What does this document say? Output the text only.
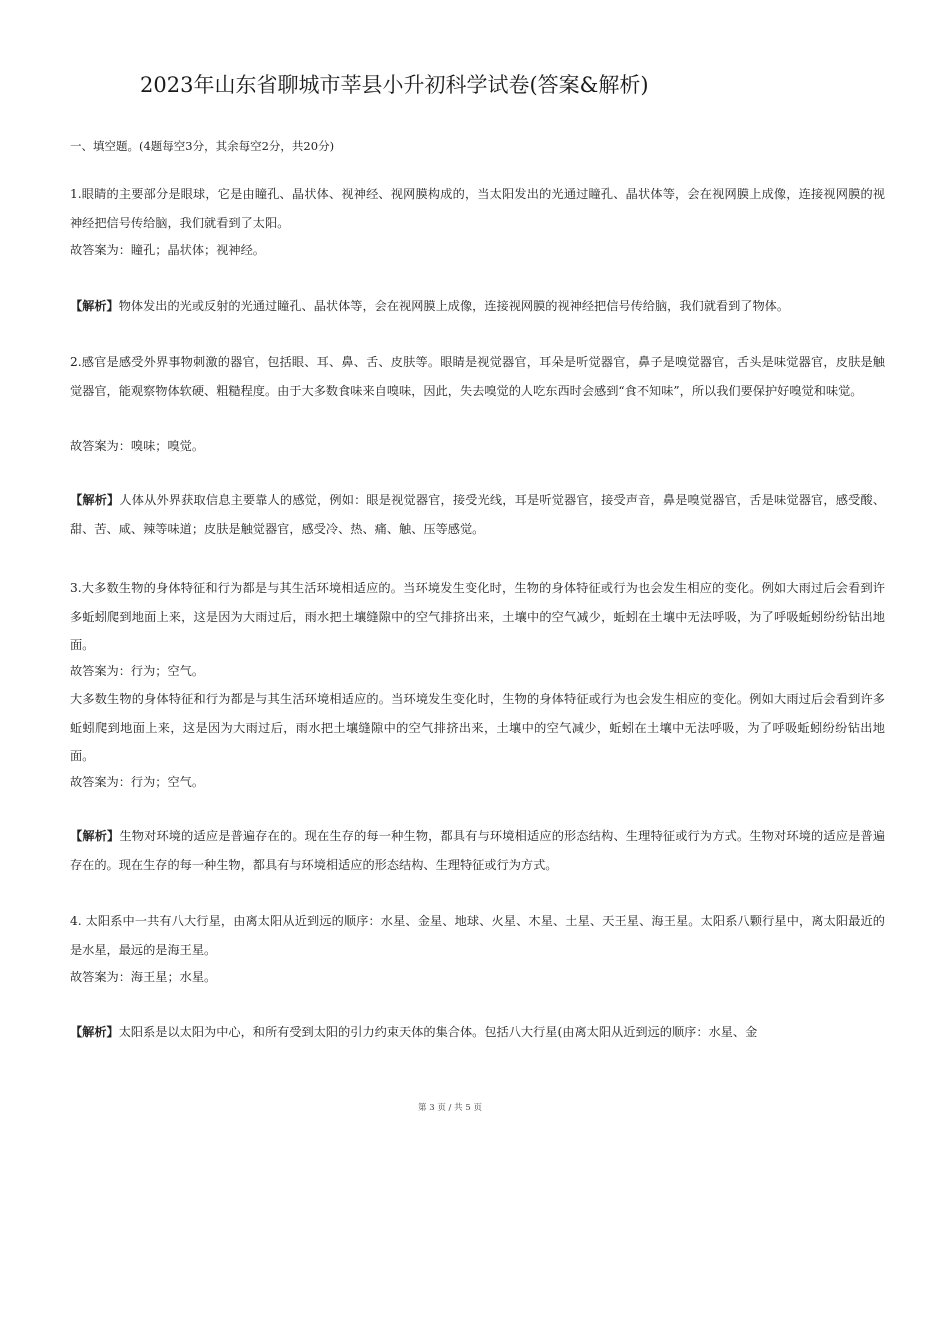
2023年山东省聊城市莘县小升初科学试卷(答案&解析)
一、填空题。(4题每空3分，其余每空2分，共20分)

1.眼睛的主要部分是眼球，它是由瞳孔、晶状体、视神经、视网膜构成的，当太阳发出的光通过瞳孔、晶状体等，会在视网膜上成像，连接视网膜的视神经把信号传给脑，我们就看到了太阳。

故答案为：瞳孔；晶状体；视神经。

【解析】物体发出的光或反射的光通过瞳孔、晶状体等，会在视网膜上成像，连接视网膜的视神经把信号传给脑，我们就看到了物体。

2.感官是感受外界事物刺激的器官，包括眼、耳、鼻、舌、皮肤等。眼睛是视觉器官，耳朵是听觉器官，鼻子是嗅觉器官，舌头是味觉器官，皮肤是触觉器官，能观察物体软硬、粗糙程度。由于大多数食味来自嗅味，因此，失去嗅觉的人吃东西时会感到“食不知味”，所以我们要保护好嗅觉和味觉。

故答案为：嗅味；嗅觉。

【解析】人体从外界获取信息主要靠人的感觉，例如：眼是视觉器官，接受光线，耳是听觉器官，接受声音，鼻是嗅觉器官，舌是味觉器官，感受酸、甜、苦、咸、辣等味道；皮肤是触觉器官，感受冷、热、痛、触、压等感觉。

3.大多数生物的身体特征和行为都是与其生活环境相适应的。当环境发生变化时，生物的身体特征或行为也会发生相应的变化。例如大雨过后会看到许多蚯蚓爬到地面上来，这是因为大雨过后，雨水把土壤缝隙中的空气排挤出来，土壤中的空气减少，蚯蚓在土壤中无法呼吸，为了呼吸蚯蚓纷纷钻出地面。

故答案为：行为；空气。

大多数生物的身体特征和行为都是与其生活环境相适应的。当环境发生变化时，生物的身体特征或行为也会发生相应的变化。例如大雨过后会看到许多蚯蚓爬到地面上来，这是因为大雨过后，雨水把土壤缝隙中的空气排挤出来，土壤中的空气减少，蚯蚓在土壤中无法呼吸，为了呼吸蚯蚓纷纷钻出地面。

故答案为：行为；空气。

【解析】生物对环境的适应是普遍存在的。现在生存的每一种生物，都具有与环境相适应的形态结构、生理特征或行为方式。生物对环境的适应是普遍存在的。现在生存的每一种生物，都具有与环境相适应的形态结构、生理特征或行为方式。

4. 太阳系中一共有八大行星，由离太阳从近到远的顺序：水星、金星、地球、火星、木星、土星、天王星、海王星。太阳系八颗行星中，离太阳最近的是水星，最远的是海王星。

故答案为：海王星；水星。

【解析】太阳系是以太阳为中心，和所有受到太阳的引力约束天体的集合体。包括八大行星(由离太阳从近到远的顺序：水星、金

第 3 页 / 共 5 页
